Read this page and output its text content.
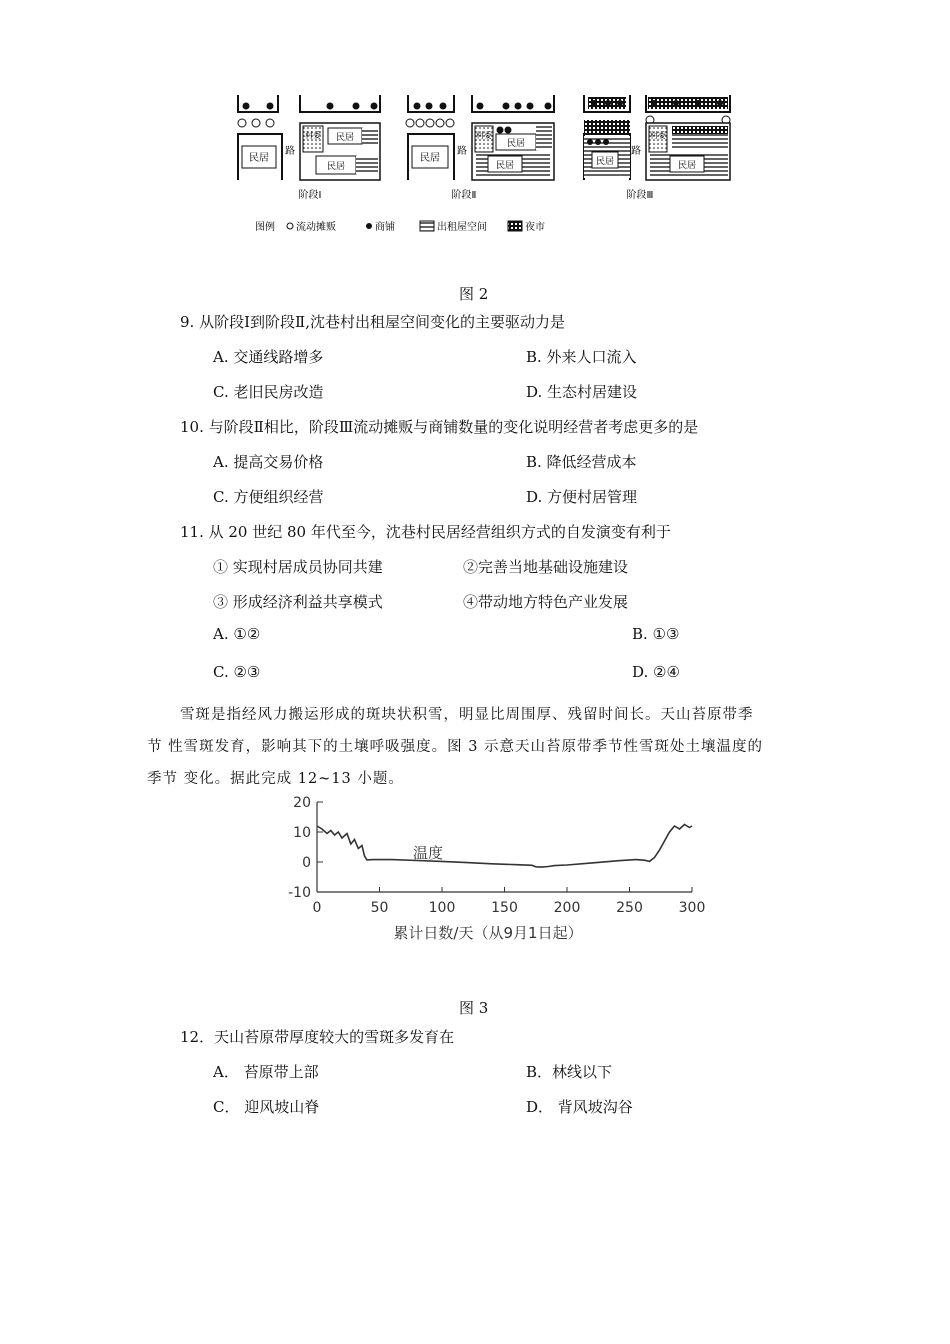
民居
路
村委 民居
民居
阶段Ⅰ
民居
路
村委
民居
民居
阶段Ⅱ
民居
路
村委
民居
阶段Ⅲ
图例 流动摊贩	商铺	出租屋空间	夜市
图 2
9. 从阶段Ⅰ到阶段Ⅱ,沈巷村出租屋空间变化的主要驱动力是
A. 交通线路增多	B. 外来人口流入
C. 老旧民房改造	D. 生态村居建设
10. 与阶段Ⅱ相比，阶段Ⅲ流动摊贩与商铺数量的变化说明经营者考虑更多的是
A. 提高交易价格	B. 降低经营成本
C. 方便组织经营	D. 方便村居管理
11. 从 20 世纪 80 年代至今，沈巷村民居经营组织方式的自发演变有利于
① 实现村居成员协同共建	②完善当地基础设施建设
③ 形成经济利益共享模式	④带动地方特色产业发展
A. ①②	B. ①③
C. ②③	D. ②④
雪斑是指经风力搬运形成的斑块状积雪，明显比周围厚、残留时间长。天山苔原带季
节 性雪斑发育，影响其下的土壤呼吸强度。图 3 示意天山苔原带季节性雪斑处土壤温度的
季节 变化。据此完成 12~13 小题。
-10
0
10
20
0	50	100	150	200	250	300
温度
累计日数/天（从9月1日起）
图 3
12．天山苔原带厚度较大的雪斑多发育在
A． 苔原带上部	B．林线以下
C． 迎风坡山脊	D． 背风坡沟谷
